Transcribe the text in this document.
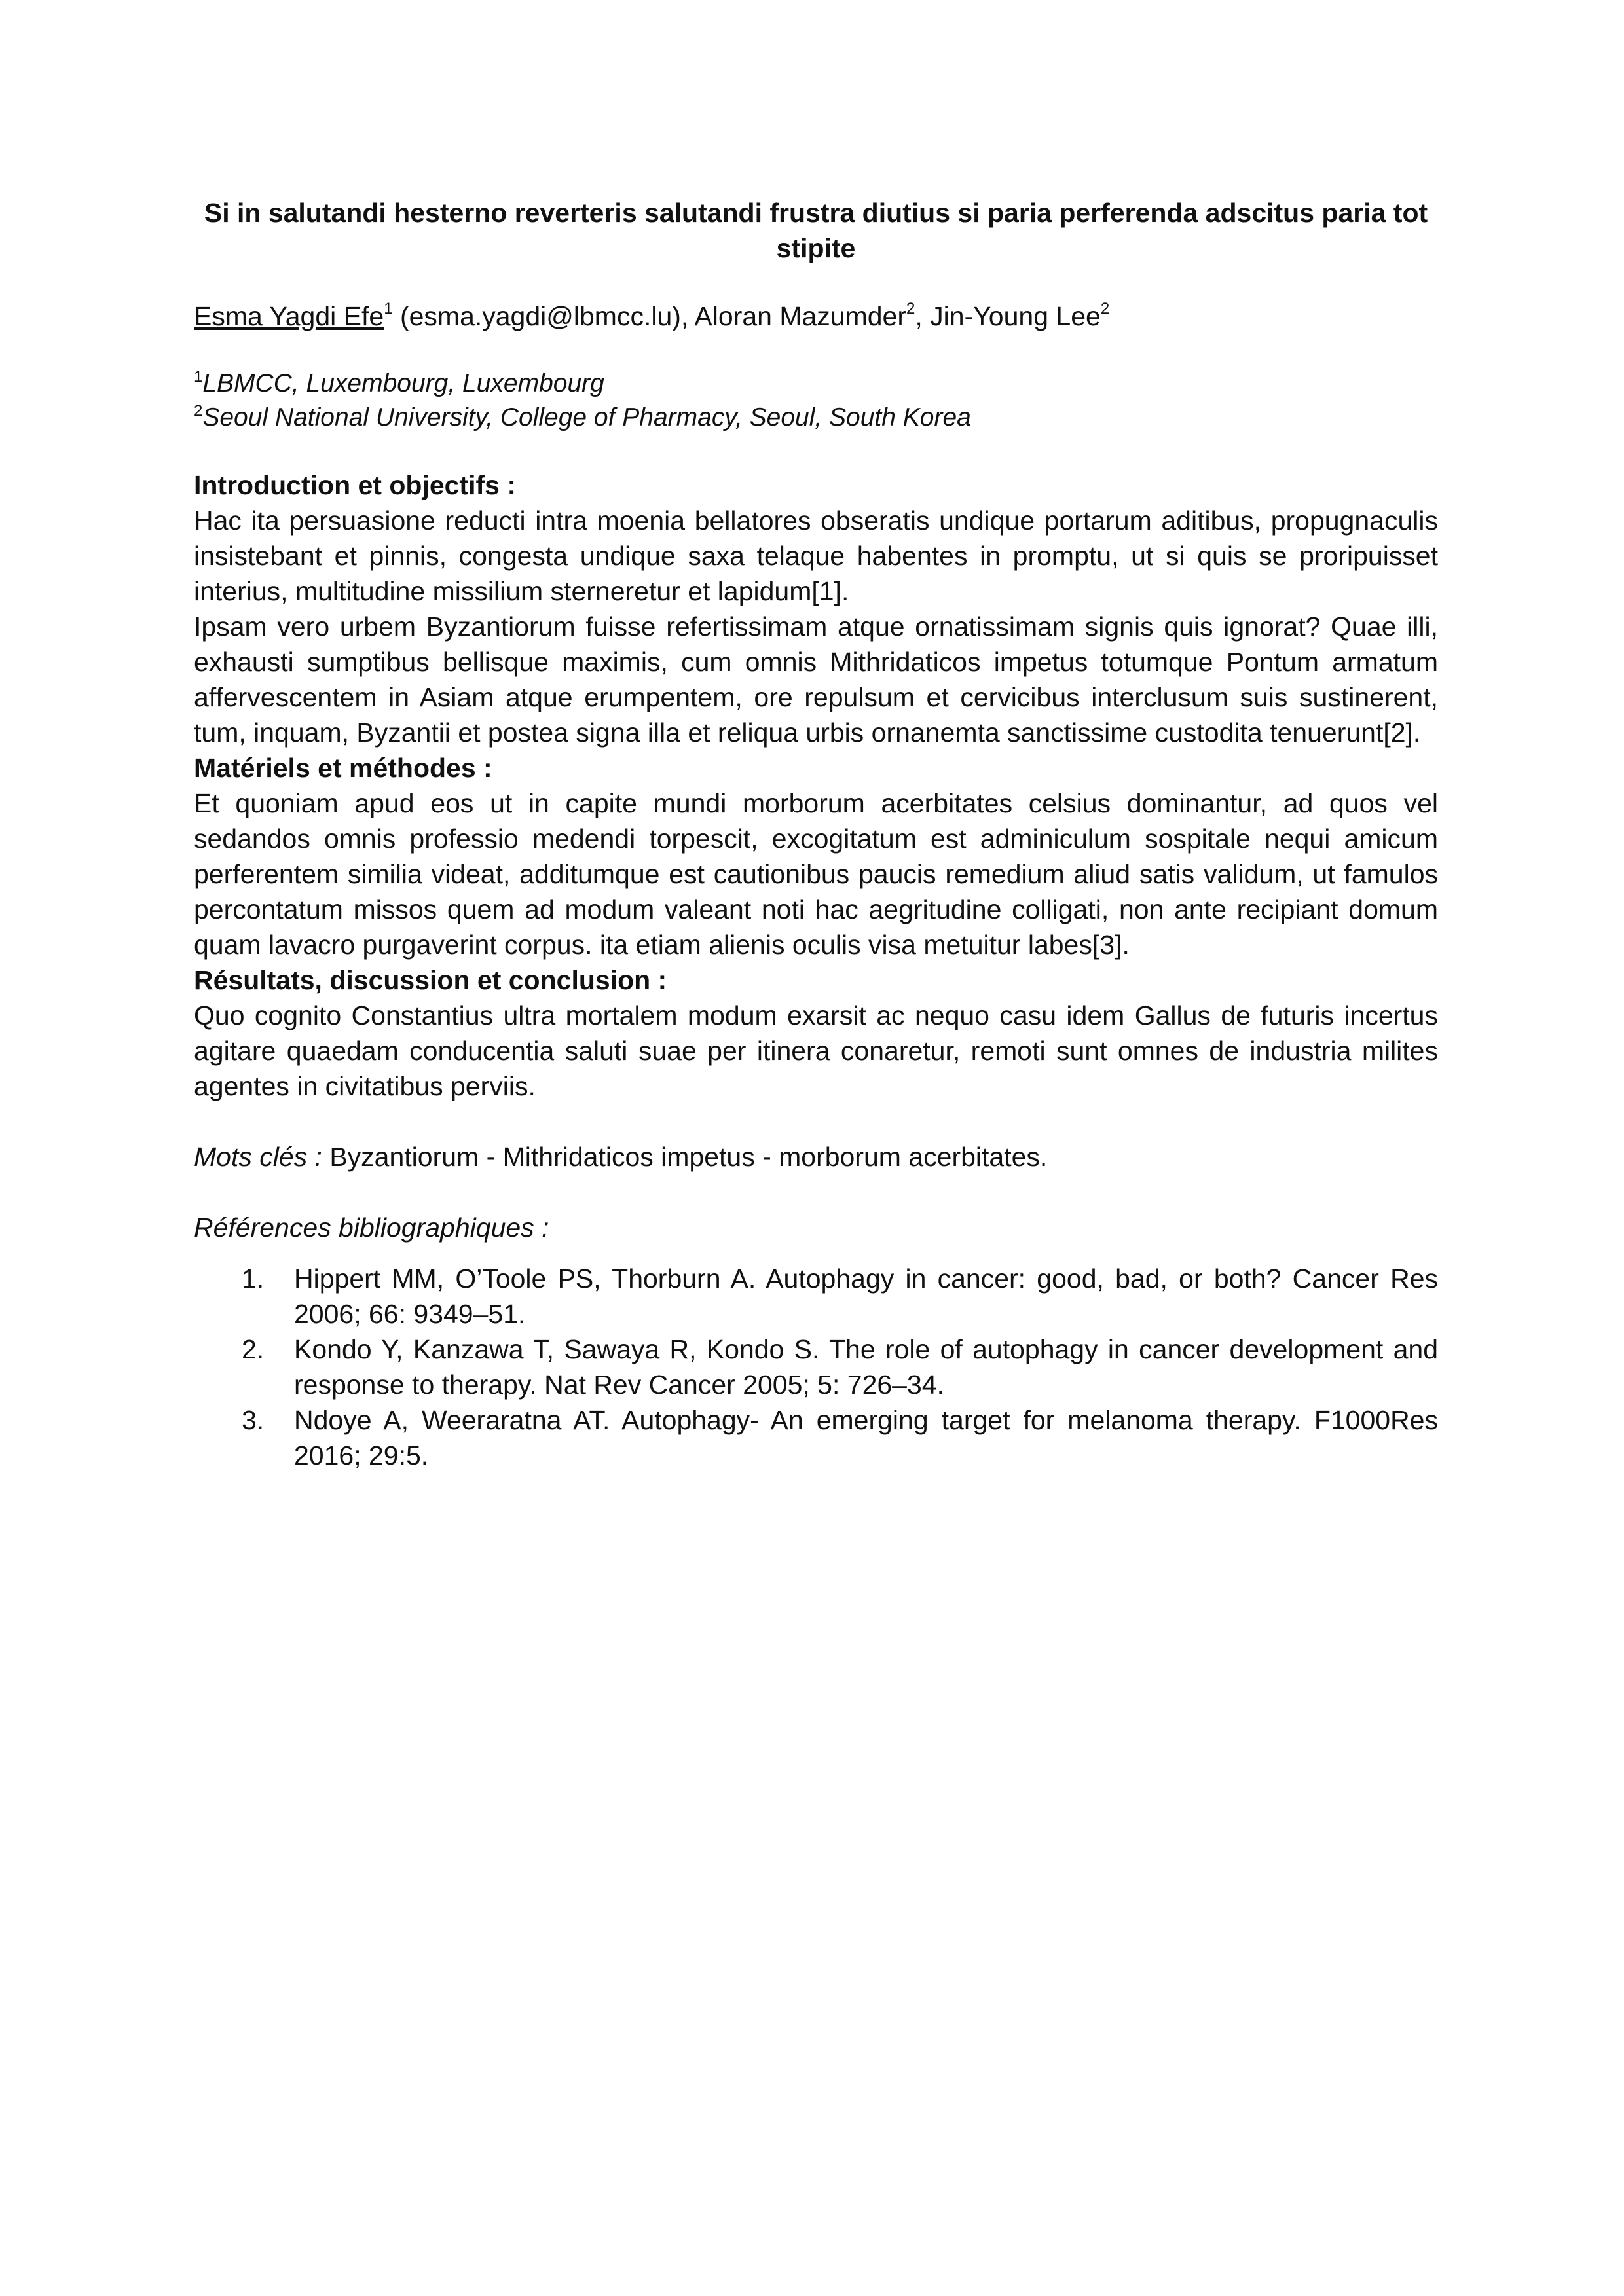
Si in salutandi hesterno reverteris salutandi frustra diutius si paria perferenda adscitus paria tot stipite

Esma Yagdi Efe$^1$ (esma.yagdi@lbmcc.lu), Aloran Mazumder$^2$, Jin-Young Lee$^2$

$^1$LBMCC, Luxembourg, Luxembourg
$^2$Seoul National University, College of Pharmacy, Seoul, South Korea
Introduction et objectifs :

Hac ita persuasione reducti intra moenia bellatores obseratis undique portarum aditibus, propugnaculis insistebant et pinnis, congesta undique saxa telaque habentes in promptu, ut si quis se proripuisset interius, multitudine missilium sterneretur et lapidum[1].

Ipsam vero urbem Byzantiorum fuisse refertissimam atque ornatissimam signis quis ignorat? Quae illi, exhausti sumptibus bellisque maximis, cum omnis Mithridaticos impetus totumque Pontum armatum affervescentem in Asiam atque erumpentem, ore repulsum et cervicibus interclusum suis sustinerent, tum, inquam, Byzantii et postea signa illa et reliqua urbis ornanemta sanctissime custodita tenuerunt[2].

Matériels et méthodes :

Et quoniam apud eos ut in capite mundi morborum acerbitates celsius dominantur, ad quos vel sedandos omnis professio medendi torpescit, excogitatum est adminiculum sospitale nequi amicum perferentem similia videat, additumque est cautionibus paucis remedium aliud satis validum, ut famulos percontatum missos quem ad modum valeant noti hac aegritudine colligati, non ante recipiant domum quam lavacro purgaverint corpus. ita etiam alienis oculis visa metuitur labes[3].

Résultats, discussion et conclusion :

Quo cognito Constantius ultra mortalem modum exarsit ac nequo casu idem Gallus de futuris incertus agitare quaedam conducentia saluti suae per itinera conaretur, remoti sunt omnes de industria milites agentes in civitatibus perviis.

Mots clés : Byzantiorum - Mithridaticos impetus - morborum acerbitates.

Références bibliographiques :

1. Hippert MM, O’Toole PS, Thorburn A. Autophagy in cancer: good, bad, or both? Cancer Res 2006; 66: 9349–51.
2. Kondo Y, Kanzawa T, Sawaya R, Kondo S. The role of autophagy in cancer development and response to therapy. Nat Rev Cancer 2005; 5: 726–34.
3. Ndoye A, Weeraratna AT. Autophagy- An emerging target for melanoma therapy. F1000Res 2016; 29:5.
